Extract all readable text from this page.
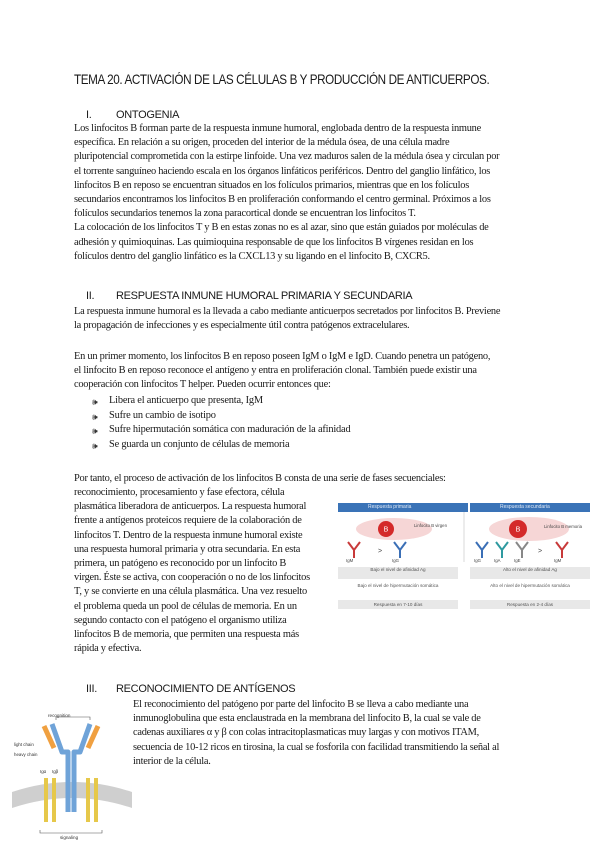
TEMA 20. ACTIVACIÓN DE LAS CÉLULAS B Y PRODUCCIÓN DE ANTICUERPOS.
I. ONTOGENIA

Los linfocitos B forman parte de la respuesta inmune humoral, englobada dentro de la respuesta inmune

específica. En relación a su origen, proceden del interior de la médula ósea, de una célula madre

pluripotencial comprometida con la estirpe linfoide. Una vez maduros salen de la médula ósea y circulan por

el torrente sanguíneo haciendo escala en los órganos linfáticos periféricos. Dentro del ganglio linfático, los

linfocitos B en reposo se encuentran situados en los folículos primarios, mientras que en los folículos

secundarios encontramos los linfocitos B en proliferación conformando el centro germinal. Próximos a los

folículos secundarios tenemos la zona paracortical donde se encuentran los linfocitos T.

La colocación de los linfocitos T y B en estas zonas no es al azar, sino que están guiados por moléculas de

adhesión y quimioquinas. Las quimioquina responsable de que los linfocitos B vírgenes residan en los

folículos dentro del ganglio linfático es la CXCL13 y su ligando en el linfocito B, CXCR5.

II. RESPUESTA INMUNE HUMORAL PRIMARIA Y SECUNDARIA

La respuesta inmune humoral es la llevada a cabo mediante anticuerpos secretados por linfocitos B. Previene

la propagación de infecciones y es especialmente útil contra patógenos extracelulares.

En un primer momento, los linfocitos B en reposo poseen IgM o IgM e IgD. Cuando penetra un patógeno,

el linfocito B en reposo reconoce el antígeno y entra en proliferación clonal. También puede existir una

cooperación con linfocitos T helper. Pueden ocurrir entonces que:

🕪 Libera el anticuerpo que presenta, IgM
🕪 Sufre un cambio de isotipo
🕪 Sufre hipermutación somática con maduración de la afinidad
🕪 Se guarda un conjunto de células de memoria

Por tanto, el proceso de activación de los linfocitos B consta de una serie de fases secuenciales:

reconocimiento, procesamiento y fase efectora, célula

plasmática liberadora de anticuerpos. La respuesta humoral

frente a antígenos proteicos requiere de la colaboración de

linfocitos T. Dentro de la respuesta inmune humoral existe

una respuesta humoral primaria y otra secundaria. En esta

primera, un patógeno es reconocido por un linfocito B

virgen. Éste se activa, con cooperación o no de los linfocitos

T, y se convierte en una célula plasmática. Una vez resuelto

el problema queda un pool de células de memoria. En un

segundo contacto con el patógeno el organismo utiliza

linfocitos B de memoria, que permiten una respuesta más

rápida y efectiva.

Respuesta primaria	Respuesta secundaria
B	B
>	>
Linfocito B virgen	Linfocito B memoria
IgM	IgG	IgG	IgA	IgE	IgM
Bajo el nivel de afinidad Ag	Alto el nivel de afinidad Ag
Bajo el nivel de hipermutación somática	Alto el nivel de hipermutación somática
Respuesta en 7-10 días	Respuesta en 2-4 días
III. RECONOCIMIENTO DE ANTÍGENOS

El reconocimiento del patógeno por parte del linfocito B se lleva a cabo mediante una

inmunoglobulina que esta enclaustrada en la membrana del linfocito B, la cual se vale de

cadenas auxiliares α y β con colas intracitoplasmaticas muy largas y con motivos ITAM,

secuencia de 10-12 ricos en tirosina, la cual se fosforila con facilidad transmitiendo la señal al

interior de la célula.

recognition
light chain
heavy chain
Igα Igβ
signaling
